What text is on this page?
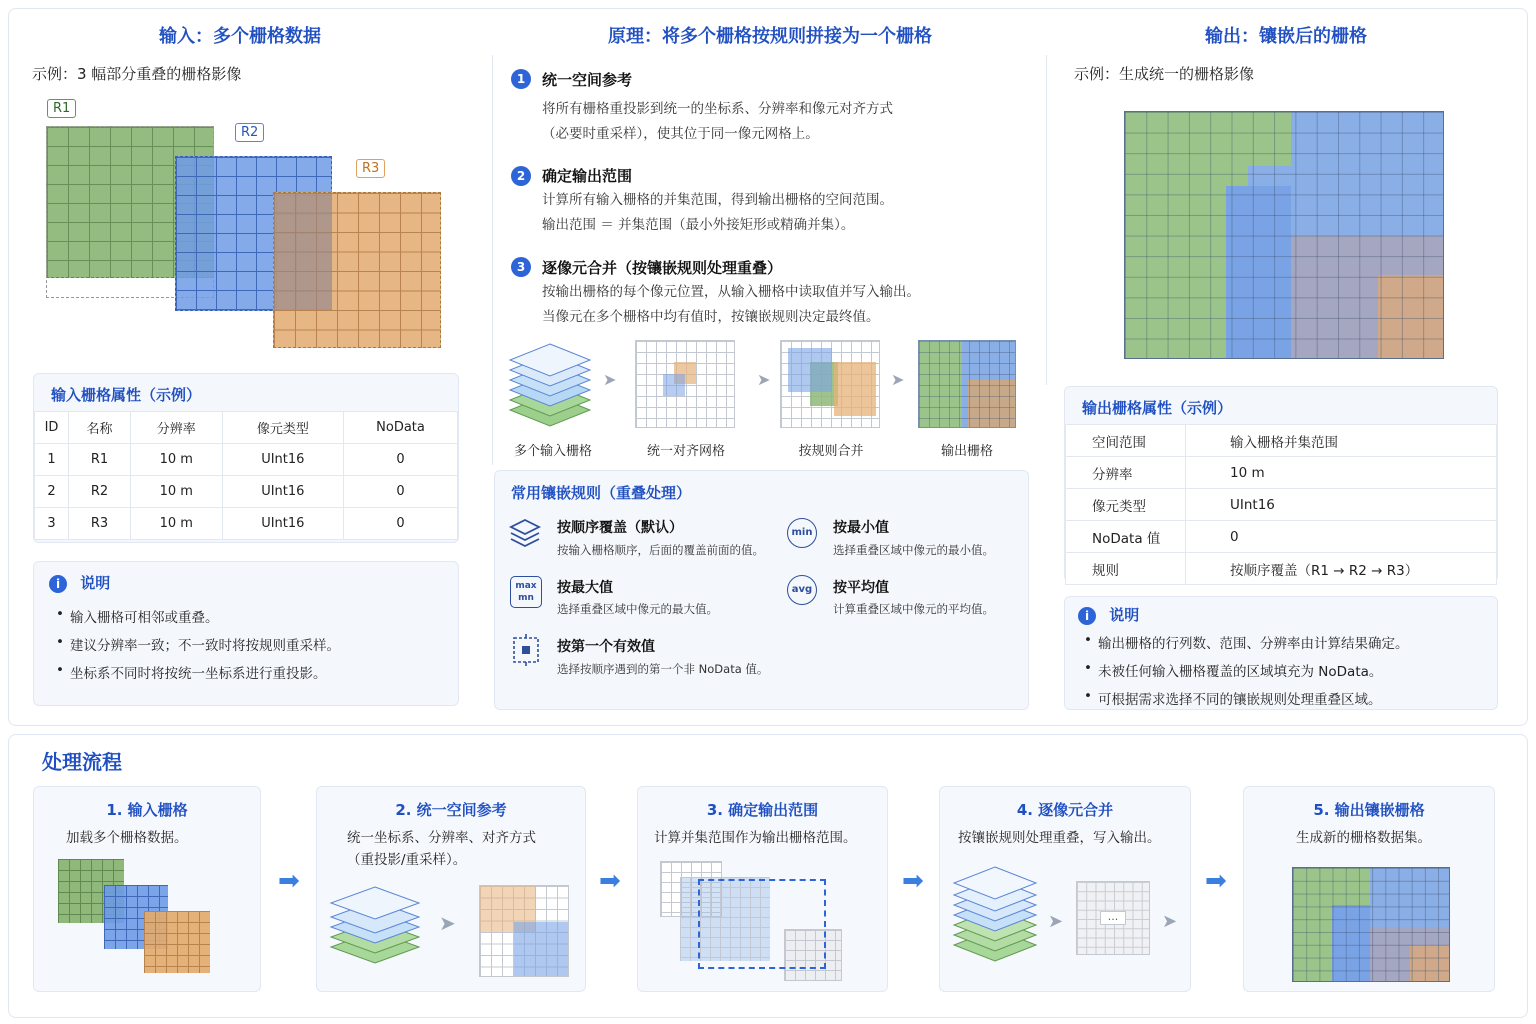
输入：多个栅格数据
示例：3 幅部分重叠的栅格影像
R1
R2
R3
输入栅格属性（示例）
ID	名称	分辨率	像元类型	NoData
1	R1	10 m	UInt16	0
2	R2	10 m	UInt16	0
3	R3	10 m	UInt16	0
i 说明
• 输入栅格可相邻或重叠。
• 建议分辨率一致；不一致时将按规则重采样。
• 坐标系不同时将按统一坐标系进行重投影。
原理：将多个栅格按规则拼接为一个栅格
1	统一空间参考
将所有栅格重投影到统一的坐标系、分辨率和像元对齐方式
（必要时重采样），使其位于同一像元网格上。
2	确定输出范围
计算所有输入栅格的并集范围，得到输出栅格的空间范围。
输出范围 ＝ 并集范围（最小外接矩形或精确并集）。
3	逐像元合并（按镶嵌规则处理重叠）
按输出栅格的每个像元位置，从输入栅格中读取值并写入输出。
当像元在多个栅格中均有值时，按镶嵌规则决定最终值。
➤	➤	➤
多个输入栅格	统一对齐网格	按规则合并	输出栅格
常用镶嵌规则（重叠处理）
按顺序覆盖（默认）
按输入栅格顺序，后面的覆盖前面的值。
min	按最小值
选择重叠区域中像元的最小值。
max
mn
按最大值
选择重叠区域中像元的最大值。
avg	按平均值
计算重叠区域中像元的平均值。
按第一个有效值
选择按顺序遇到的第一个非 NoData 值。
输出：镶嵌后的栅格
示例：生成统一的栅格影像
输出栅格属性（示例）
空间范围	输入栅格并集范围
分辨率	10 m
像元类型	UInt16
NoData 值	0
规则	按顺序覆盖（R1 → R2 → R3）
i 说明
• 输出栅格的行列数、范围、分辨率由计算结果确定。
• 未被任何输入栅格覆盖的区域填充为 NoData。
• 可根据需求选择不同的镶嵌规则处理重叠区域。
处理流程
1. 输入栅格
加载多个栅格数据。
➡
2. 统一空间参考
统一坐标系、分辨率、对齐方式
（重投影/重采样）。
➤
➡
3. 确定输出范围
计算并集范围作为输出栅格范围。
➡
4. 逐像元合并
按镶嵌规则处理重叠，写入输出。
➤	...	➤
➡
5. 输出镶嵌栅格
生成新的栅格数据集。
